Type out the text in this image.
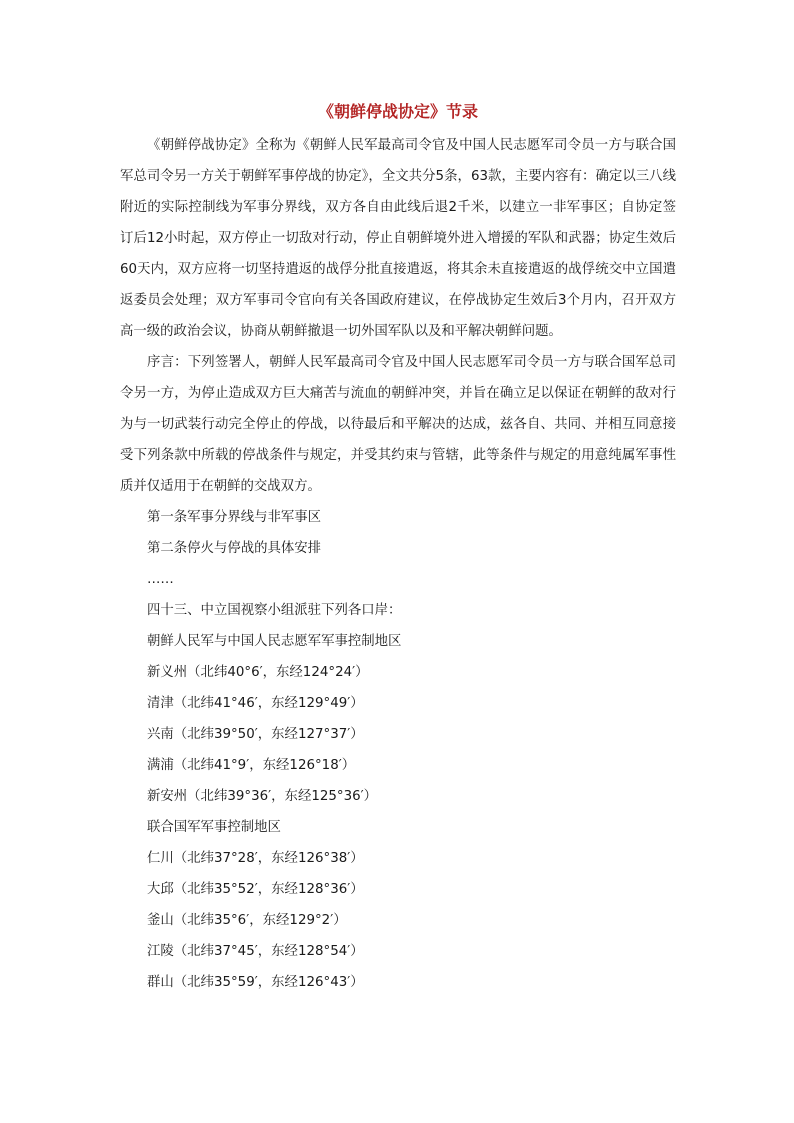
《朝鲜停战协定》节录

《朝鲜停战协定》全称为《朝鲜人民军最高司令官及中国人民志愿军司令员一方与联合国军总司令另一方关于朝鲜军事停战的协定》，全文共分5条，63款，主要内容有：确定以三八线附近的实际控制线为军事分界线，双方各自由此线后退2千米，以建立一非军事区；自协定签订后12小时起，双方停止一切敌对行动，停止自朝鲜境外进入增援的军队和武器；协定生效后60天内，双方应将一切坚持遣返的战俘分批直接遣返，将其余未直接遣返的战俘统交中立国遣返委员会处理；双方军事司令官向有关各国政府建议，在停战协定生效后3个月内，召开双方高一级的政治会议，协商从朝鲜撤退一切外国军队以及和平解决朝鲜问题。

序言：下列签署人，朝鲜人民军最高司令官及中国人民志愿军司令员一方与联合国军总司令另一方，为停止造成双方巨大痛苦与流血的朝鲜冲突，并旨在确立足以保证在朝鲜的敌对行为与一切武装行动完全停止的停战，以待最后和平解决的达成，兹各自、共同、并相互同意接受下列条款中所载的停战条件与规定，并受其约束与管辖，此等条件与规定的用意纯属军事性质并仅适用于在朝鲜的交战双方。

第一条军事分界线与非军事区
第二条停火与停战的具体安排
……
四十三、中立国视察小组派驻下列各口岸：
朝鲜人民军与中国人民志愿军军事控制地区
新义州（北纬40°6′，东经124°24′）
清津（北纬41°46′，东经129°49′）
兴南（北纬39°50′，东经127°37′）
满浦（北纬41°9′，东经126°18′）
新安州（北纬39°36′，东经125°36′）
联合国军军事控制地区
仁川（北纬37°28′，东经126°38′）
大邱（北纬35°52′，东经128°36′）
釜山（北纬35°6′，东经129°2′）
江陵（北纬37°45′，东经128°54′）
群山（北纬35°59′，东经126°43′）
